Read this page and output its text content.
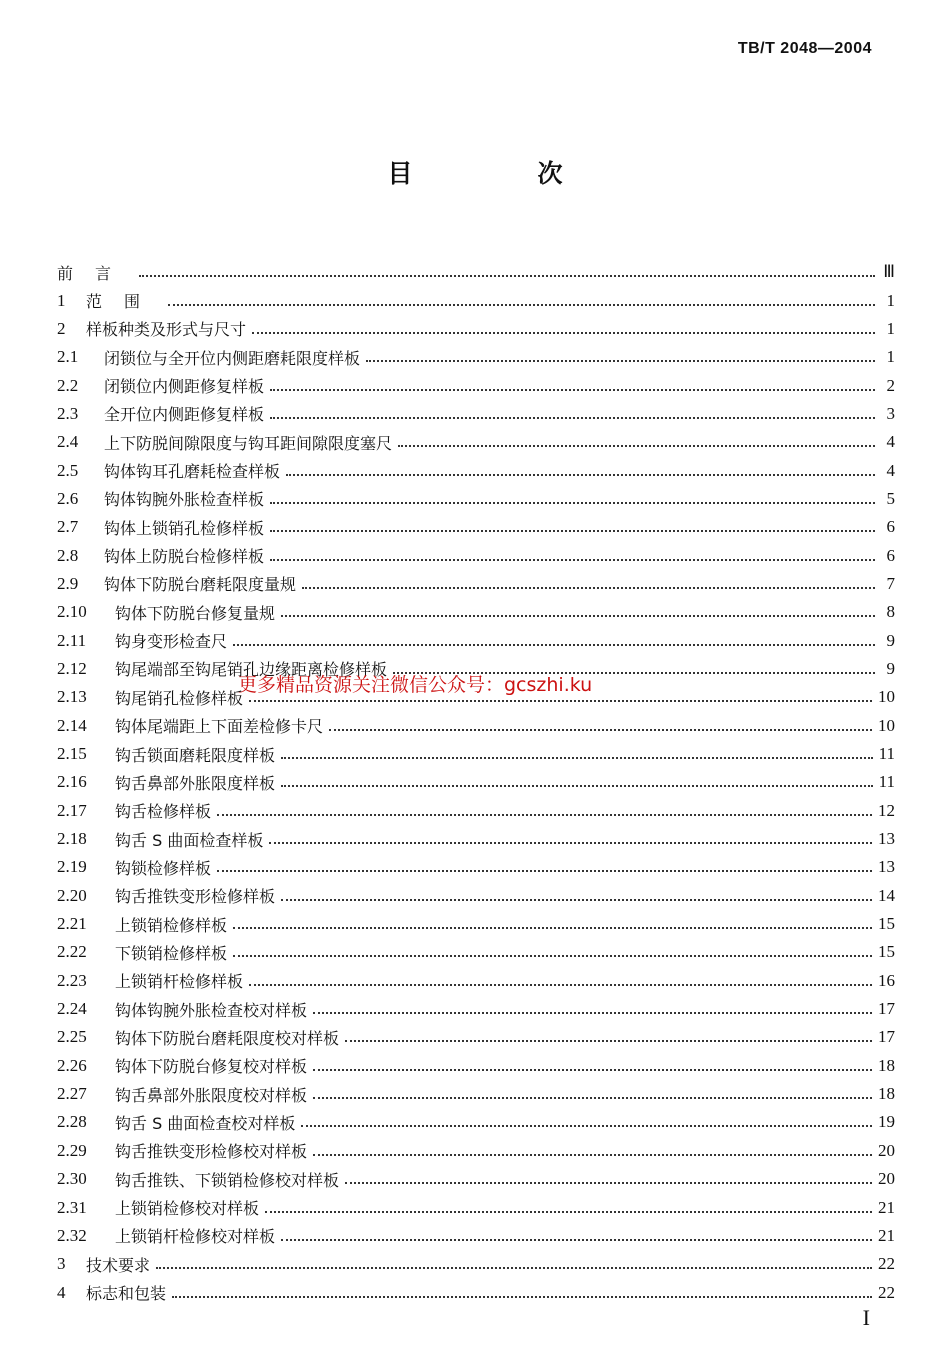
TB/T 2048—2004
目　次
前言	Ⅲ
1	范围	1
2	样板种类及形式与尺寸	1
2.1	闭锁位与全开位内侧距磨耗限度样板	1
2.2	闭锁位内侧距修复样板	2
2.3	全开位内侧距修复样板	3
2.4	上下防脱间隙限度与钩耳距间隙限度塞尺	4
2.5	钩体钩耳孔磨耗检查样板	4
2.6	钩体钩腕外胀检查样板	5
2.7	钩体上锁销孔检修样板	6
2.8	钩体上防脱台检修样板	6
2.9	钩体下防脱台磨耗限度量规	7
2.10	钩体下防脱台修复量规	8
2.11	钩身变形检查尺	9
2.12	钩尾端部至钩尾销孔边缘距离检修样板	9
2.13	钩尾销孔检修样板	10
2.14	钩体尾端距上下面差检修卡尺	10
2.15	钩舌锁面磨耗限度样板	11
2.16	钩舌鼻部外胀限度样板	11
2.17	钩舌检修样板	12
2.18	钩舌 S 曲面检查样板	13
2.19	钩锁检修样板	13
2.20	钩舌推铁变形检修样板	14
2.21	上锁销检修样板	15
2.22	下锁销检修样板	15
2.23	上锁销杆检修样板	16
2.24	钩体钩腕外胀检查校对样板	17
2.25	钩体下防脱台磨耗限度校对样板	17
2.26	钩体下防脱台修复校对样板	18
2.27	钩舌鼻部外胀限度校对样板	18
2.28	钩舌 S 曲面检查校对样板	19
2.29	钩舌推铁变形检修校对样板	20
2.30	钩舌推铁、下锁销检修校对样板	20
2.31	上锁销检修校对样板	21
2.32	上锁销杆检修校对样板	21
3	技术要求	22
4	标志和包装	22
更多精品资源关注微信公众号：gcszhi.ku
I
